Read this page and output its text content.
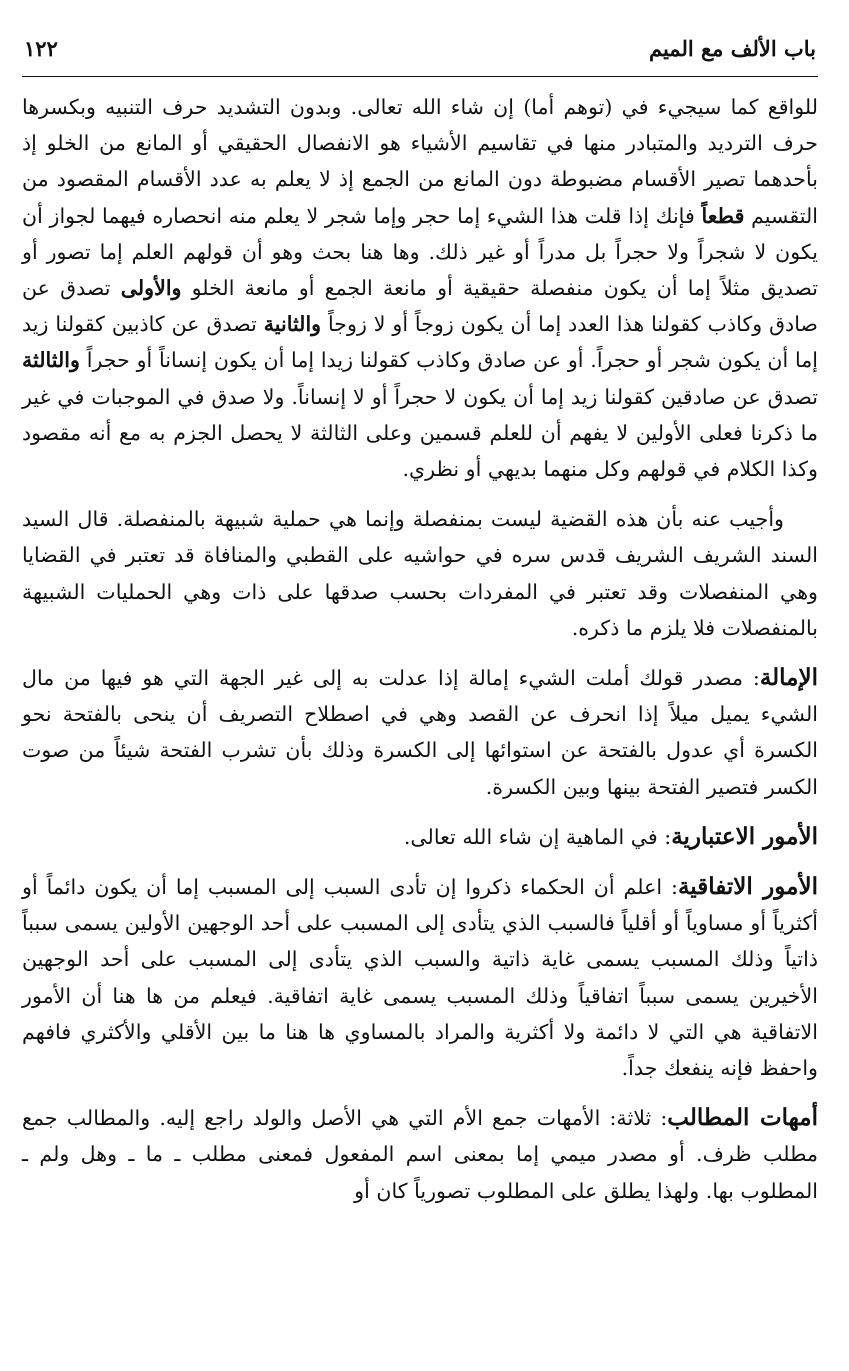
باب الألف مع الميم
١٢٢

للواقع كما سيجيء في (توهم أما) إن شاء الله تعالى. وبدون التشديد حرف التنبيه وبكسرها حرف الترديد والمتبادر منها في تقاسيم الأشياء هو الانفصال الحقيقي أو المانع من الخلو إذ بأحدهما تصير الأقسام مضبوطة دون المانع من الجمع إذ لا يعلم به عدد الأقسام المقصود من التقسيم قطعاً فإنك إذا قلت هذا الشيء إما حجر وإما شجر لا يعلم منه انحصاره فيهما لجواز أن يكون لا شجراً ولا حجراً بل مدراً أو غير ذلك. وها هنا بحث وهو أن قولهم العلم إما تصور أو تصديق مثلاً إما أن يكون منفصلة حقيقية أو مانعة الجمع أو مانعة الخلو والأولى تصدق عن صادق وكاذب كقولنا هذا العدد إما أن يكون زوجاً أو لا زوجاً والثانية تصدق عن كاذبين كقولنا زيد إما أن يكون شجر أو حجراً. أو عن صادق وكاذب كقولنا زيدا إما أن يكون إنساناً أو حجراً والثالثة تصدق عن صادقين كقولنا زيد إما أن يكون لا حجراً أو لا إنساناً. ولا صدق في الموجبات في غير ما ذكرنا فعلى الأولين لا يفهم أن للعلم قسمين وعلى الثالثة لا يحصل الجزم به مع أنه مقصود وكذا الكلام في قولهم وكل منهما بديهي أو نظري.

وأجيب عنه بأن هذه القضية ليست بمنفصلة وإنما هي حملية شبيهة بالمنفصلة. قال السيد السند الشريف الشريف قدس سره في حواشيه على القطبي والمنافاة قد تعتبر في القضايا وهي المنفصلات وقد تعتبر في المفردات بحسب صدقها على ذات وهي الحمليات الشبيهة بالمنفصلات فلا يلزم ما ذكره.

الإمالة: مصدر قولك أملت الشيء إمالة إذا عدلت به إلى غير الجهة التي هو فيها من مال الشيء يميل ميلاً إذا انحرف عن القصد وهي في اصطلاح التصريف أن ينحى بالفتحة نحو الكسرة أي عدول بالفتحة عن استوائها إلى الكسرة وذلك بأن تشرب الفتحة شيئاً من صوت الكسر فتصير الفتحة بينها وبين الكسرة.

الأمور الاعتبارية: في الماهية إن شاء الله تعالى.

الأمور الاتفاقية: اعلم أن الحكماء ذكروا إن تأدى السبب إلى المسبب إما أن يكون دائماً أو أكثرياً أو مساوياً أو أقلياً فالسبب الذي يتأدى إلى المسبب على أحد الوجهين الأولين يسمى سبباً ذاتياً وذلك المسبب يسمى غاية ذاتية والسبب الذي يتأدى إلى المسبب على أحد الوجهين الأخيرين يسمى سبباً اتفاقياً وذلك المسبب يسمى غاية اتفاقية. فيعلم من ها هنا أن الأمور الاتفاقية هي التي لا دائمة ولا أكثرية والمراد بالمساوي ها هنا ما بين الأقلي والأكثري فافهم واحفظ فإنه ينفعك جداً.

أمهات المطالب: ثلاثة: الأمهات جمع الأم التي هي الأصل والولد راجع إليه. والمطالب جمع مطلب ظرف. أو مصدر ميمي إما بمعنى اسم المفعول فمعنى مطلب ـ ما ـ وهل ولم ـ المطلوب بها. ولهذا يطلق على المطلوب تصورياً كان أو
